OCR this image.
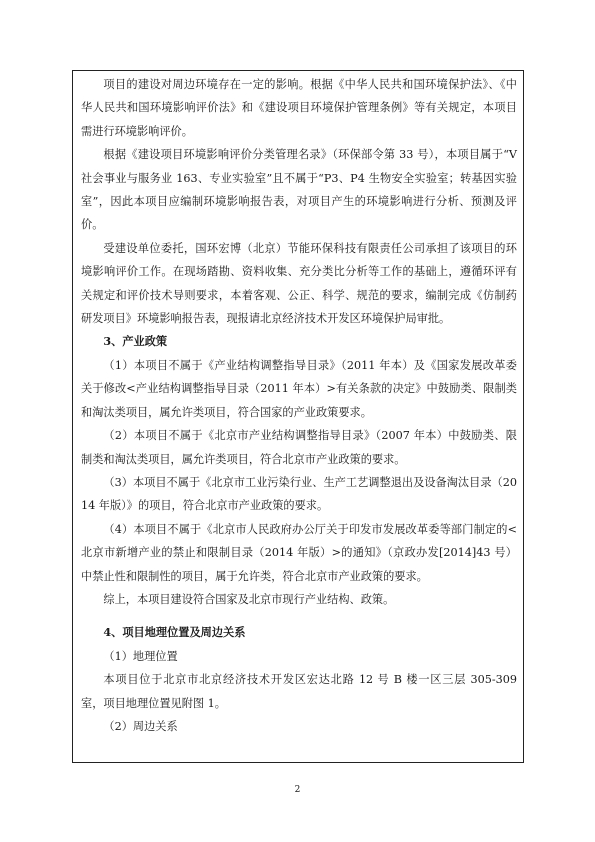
项目的建设对周边环境存在一定的影响。根据《中华人民共和国环境保护法》、《中华人民共和国环境影响评价法》和《建设项目环境保护管理条例》等有关规定，本项目需进行环境影响评价。

根据《建设项目环境影响评价分类管理名录》（环保部令第 33 号），本项目属于“V 社会事业与服务业 163、专业实验室”且不属于“P3、P4 生物安全实验室；转基因实验室”，因此本项目应编制环境影响报告表，对项目产生的环境影响进行分析、预测及评价。

受建设单位委托，国环宏博（北京）节能环保科技有限责任公司承担了该项目的环境影响评价工作。在现场踏勘、资料收集、充分类比分析等工作的基础上，遵循环评有关规定和评价技术导则要求，本着客观、公正、科学、规范的要求，编制完成《仿制药研发项目》环境影响报告表，现报请北京经济技术开发区环境保护局审批。

3、产业政策

（1）本项目不属于《产业结构调整指导目录》（2011 年本）及《国家发展改革委关于修改<产业结构调整指导目录（2011 年本）>有关条款的决定》中鼓励类、限制类和淘汰类项目，属允许类项目，符合国家的产业政策要求。

（2）本项目不属于《北京市产业结构调整指导目录》（2007 年本）中鼓励类、限制类和淘汰类项目，属允许类项目，符合北京市产业政策的要求。

（3）本项目不属于《北京市工业污染行业、生产工艺调整退出及设备淘汰目录（2014 年版）》的项目，符合北京市产业政策的要求。

（4）本项目不属于《北京市人民政府办公厅关于印发市发展改革委等部门制定的<北京市新增产业的禁止和限制目录（2014 年版）>的通知》（京政办发[2014]43 号）中禁止性和限制性的项目，属于允许类，符合北京市产业政策的要求。

综上，本项目建设符合国家及北京市现行产业结构、政策。

4、项目地理位置及周边关系

（1）地理位置

本项目位于北京市北京经济技术开发区宏达北路 12 号 B 楼一区三层 305-309 室，项目地理位置见附图 1。

（2）周边关系

2
